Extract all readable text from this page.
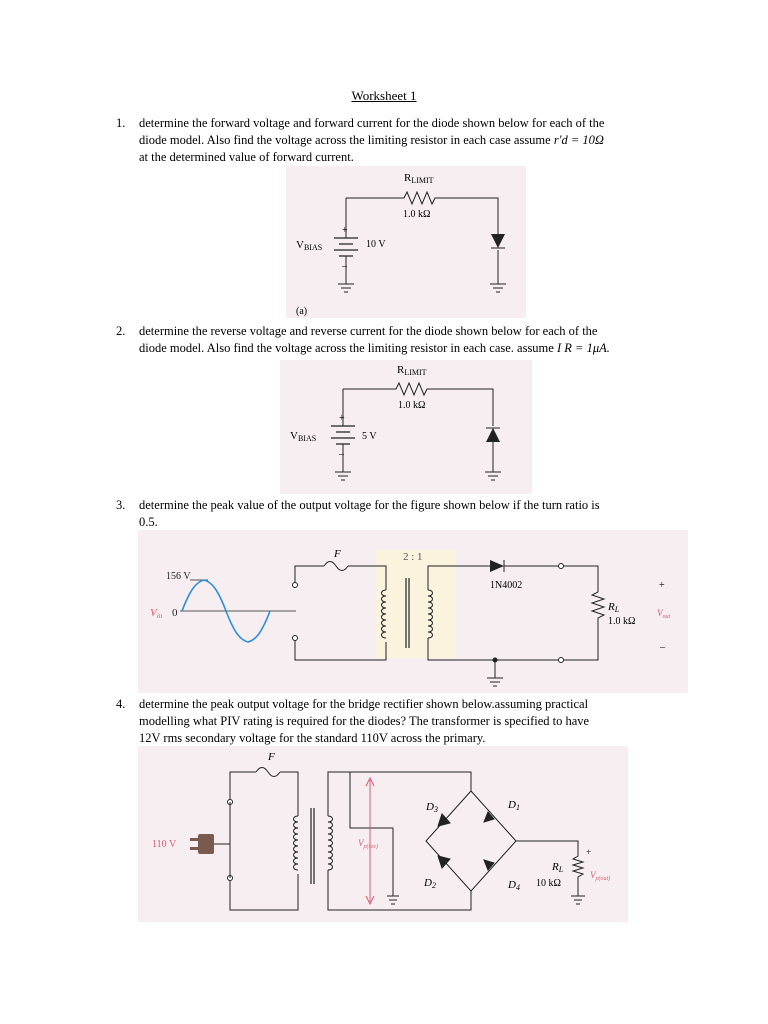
Worksheet 1
1.	determine the forward voltage and forward current for the diode shown below for each of the
diode model. Also find the voltage across the limiting resistor in each case assume r′d = 10Ω
at the determined value of forward current.
RLIMIT
1.0 kΩ
+
–
VBIAS	10 V
(a)
2.	determine the reverse voltage and reverse current for the diode shown below for each of the
diode model. Also find the voltage across the limiting resistor in each case. assume I R = 1μA.
RLIMIT
1.0 kΩ
+
–
VBIAS	5 V
3.	determine the peak value of the output voltage for the figure shown below if the turn ratio is
0.5.
156 V
Vin 0
F	2 : 1
1N4002
RL
1.0 kΩ
$V_{out}$
+
–
4.	determine the peak output voltage for the bridge rectifier shown below.assuming practical
modelling what PIV rating is required for the diodes? The transformer is specified to have
12V rms secondary voltage for the standard 110V across the primary.
F
110 V	$V_{p(sec)}$
D3	D1
D2	D4
RL
10 kΩ
+
$V_{p(out)}$
